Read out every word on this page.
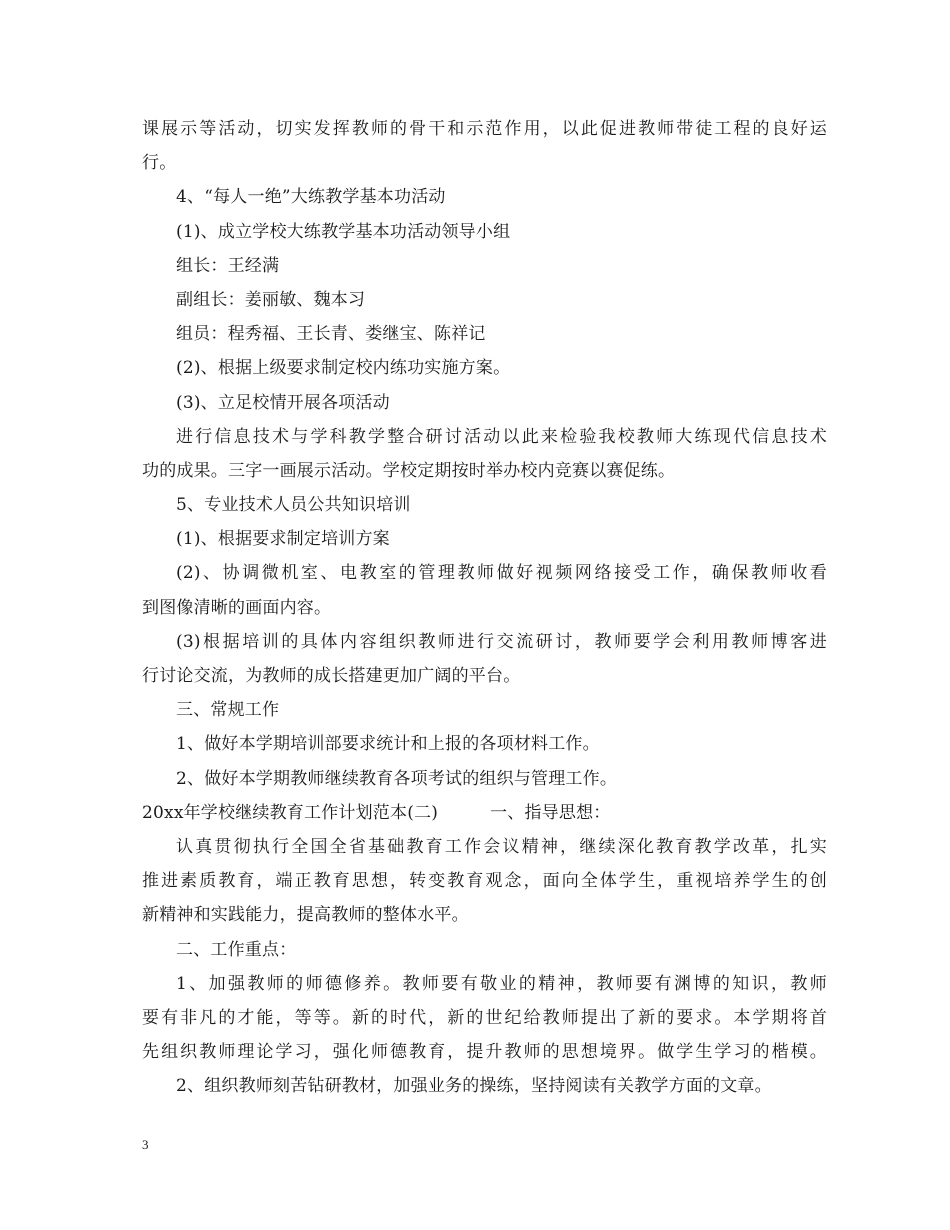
课展示等活动，切实发挥教师的骨干和示范作用，以此促进教师带徒工程的良好运
行。
4、“每人一绝”大练教学基本功活动
(1)、成立学校大练教学基本功活动领导小组
组长：王经满
副组长：姜丽敏、魏本习
组员：程秀福、王长青、娄继宝、陈祥记
(2)、根据上级要求制定校内练功实施方案。
(3)、立足校情开展各项活动
进行信息技术与学科教学整合研讨活动以此来检验我校教师大练现代信息技术
功的成果。三字一画展示活动。学校定期按时举办校内竞赛以赛促练。
5、专业技术人员公共知识培训
(1)、根据要求制定培训方案
(2)、协调微机室、电教室的管理教师做好视频网络接受工作，确保教师收看
到图像清晰的画面内容。
(3)根据培训的具体内容组织教师进行交流研讨，教师要学会利用教师博客进
行讨论交流，为教师的成长搭建更加广阔的平台。
三、常规工作
1、做好本学期培训部要求统计和上报的各项材料工作。
2、做好本学期教师继续教育各项考试的组织与管理工作。
20xx年学校继续教育工作计划范本(二)	一、指导思想：
认真贯彻执行全国全省基础教育工作会议精神，继续深化教育教学改革，扎实
推进素质教育，端正教育思想，转变教育观念，面向全体学生，重视培养学生的创
新精神和实践能力，提高教师的整体水平。
二、工作重点：
1、加强教师的师德修养。教师要有敬业的精神，教师要有渊博的知识，教师
要有非凡的才能，等等。新的时代，新的世纪给教师提出了新的要求。本学期将首
先组织教师理论学习，强化师德教育，提升教师的思想境界。做学生学习的楷模。
2、组织教师刻苦钻研教材，加强业务的操练，坚持阅读有关教学方面的文章。
3
